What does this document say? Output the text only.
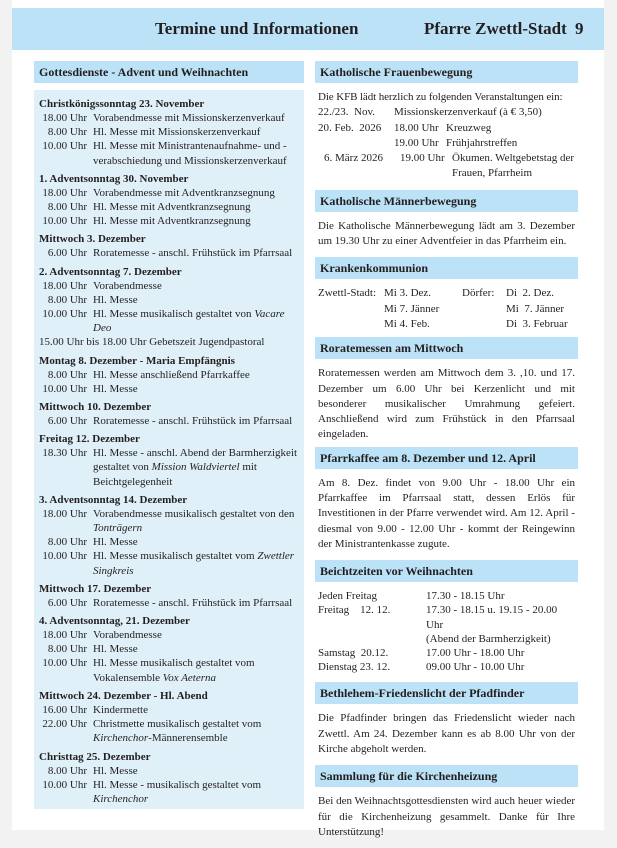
Termine und Informationen	Pfarre Zwettl-Stadt 9
Gottesdienste - Advent und Weihnachten
Christkönigssonntag 23. November
18.00 Uhr Vorabendmesse mit Missionskerzenverkauf
8.00 Uhr Hl. Messe mit Missionskerzenverkauf
10.00 Uhr Hl. Messe mit Ministrantenaufnahme- und -verabschiedung und Missionskerzenverkauf
1. Adventsonntag 30. November
18.00 Uhr Vorabendmesse mit Adventkranzsegnung
8.00 Uhr Hl. Messe mit Adventkranzsegnung
10.00 Uhr Hl. Messe mit Adventkranzsegnung
Mittwoch 3. Dezember
6.00 Uhr Roratemesse - anschl. Frühstück im Pfarrsaal
2. Adventsonntag 7. Dezember
18.00 Uhr Vorabendmesse
8.00 Uhr Hl. Messe
10.00 Uhr Hl. Messe musikalisch gestaltet von Vacare Deo
15.00 Uhr bis 18.00 Uhr Gebetszeit Jugendpastoral
Montag 8. Dezember - Maria Empfängnis
8.00 Uhr Hl. Messe anschließend Pfarrkaffee
10.00 Uhr Hl. Messe
Mittwoch 10. Dezember
6.00 Uhr Roratemesse - anschl. Frühstück im Pfarrsaal
Freitag 12. Dezember
18.30 Uhr Hl. Messe - anschl. Abend der Barmherzigkeit gestaltet von Mission Waldviertel mit Beichtgelegenheit
3. Adventsonntag 14. Dezember
18.00 Uhr Vorabendmesse musikalisch gestaltet von den Tonträgern
8.00 Uhr Hl. Messe
10.00 Uhr Hl. Messe musikalisch gestaltet vom Zwettler Singkreis
Mittwoch 17. Dezember
6.00 Uhr Roratemesse - anschl. Frühstück im Pfarrsaal
4. Adventsonntag, 21. Dezember
18.00 Uhr Vorabendmesse
8.00 Uhr Hl. Messe
10.00 Uhr Hl. Messe musikalisch gestaltet vom Vokalensemble Vox Aeterna
Mittwoch 24. Dezember - Hl. Abend
16.00 Uhr Kindermette
22.00 Uhr Christmette musikalisch gestaltet vom Kirchenchor-Männerensemble
Christtag 25. Dezember
8.00 Uhr Hl. Messe
10.00 Uhr Hl. Messe - musikalisch gestaltet vom Kirchenchor
Katholische Frauenbewegung
Die KFB lädt herzlich zu folgenden Veranstaltungen ein:
22./23.  Nov.	Missionskerzenverkauf (à € 3,50)
20. Feb.  2026	18.00 Uhr Kreuzweg
19.00 Uhr Frühjahrstreffen
6. März 2026	19.00 Uhr Ökumen. Weltgebetstag der Frauen, Pfarrheim
Katholische Männerbewegung
Die Katholische Männerbewegung lädt am 3. Dezember um 19.30 Uhr zu einer Adventfeier in das Pfarrheim ein.
Krankenkommunion
Zwettl-Stadt: Mi 3. Dez.	Dörfer:	Di  2. Dez.
Mi 7. Jänner	Mi  7. Jänner
Mi 4. Feb.	Di  3. Februar
Roratemessen am Mittwoch
Roratemessen werden am Mittwoch dem 3. ,10. und 17. Dezember um 6.00 Uhr bei Kerzenlicht und mit besonderer musikalischer Umrahmung gefeiert. Anschließend wird zum Frühstück in den Pfarrsaal eingeladen.
Pfarrkaffee am 8. Dezember und 12. April
Am 8. Dez. findet von 9.00 Uhr - 18.00 Uhr ein Pfarrkaffee im Pfarrsaal statt, dessen Erlös für Investitionen in der Pfarre verwendet wird. Am 12. April - diesmal von 9.00 - 12.00 Uhr - kommt der Reingewinn der Ministrantenkasse zugute.
Beichtzeiten vor Weihnachten
Jeden Freitag	17.30 - 18.15 Uhr
Freitag    12. 12.	17.30 - 18.15 u. 19.15 - 20.00 Uhr
(Abend der Barmherzigkeit)
Samstag  20.12.	17.00 Uhr - 18.00 Uhr
Dienstag 23. 12.	09.00 Uhr - 10.00 Uhr
Bethlehem-Friedenslicht der Pfadfinder
Die Pfadfinder bringen das Friedenslicht wieder nach Zwettl. Am 24. Dezember kann es ab 8.00 Uhr von der Kirche abgeholt werden.
Sammlung für die Kirchenheizung
Bei den Weihnachtsgottesdiensten wird auch heuer wieder für die Kirchenheizung gesammelt. Danke für Ihre Unterstützung!
